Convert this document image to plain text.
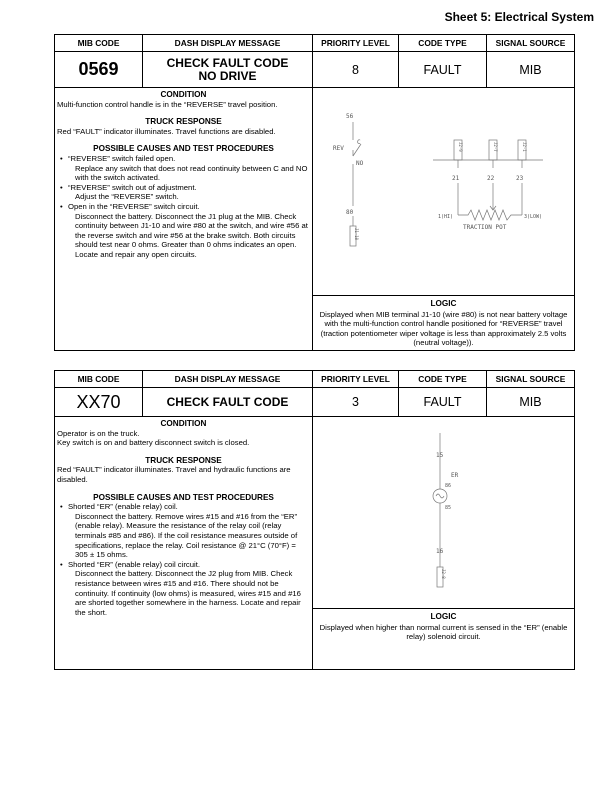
Sheet 5: Electrical System
MIB CODE	DASH DISPLAY MESSAGE	PRIORITY LEVEL	CODE TYPE	SIGNAL SOURCE
0569	CHECK FAULT CODE
NO DRIVE	8	FAULT	MIB
CONDITION
Multi-function control handle is in the “REVERSE” travel position.
TRUCK RESPONSE
Red “FAULT” indicator illuminates. Travel functions are disabled.
POSSIBLE CAUSES AND TEST PROCEDURES
• “REVERSE” switch failed open.
Replace any switch that does not read continuity between C and NO with the switch activated.
• “REVERSE” switch out of adjustment.
Adjust the “REVERSE” switch.
• Open in the “REVERSE” switch circuit.
Disconnect the battery. Disconnect the J1 plug at the MIB. Check continuity between J1-10 and wire #80 at the switch, and wire #56 at the reverse switch and wire #56 at the brake switch. Both circuits should test near 0 ohms. Greater than 0 ohms indicates an open. Locate and repair any open circuits.
56
REV
C
NO
80
21	22	23
1(HI)	3(LOW)
TRACTION POT
J1-10
J2-9	J2-7	J2-1
LOGIC
Displayed when MIB terminal J1-10 (wire #80) is not near battery voltage with the multi-function control handle positioned for “REVERSE” travel (traction potentiometer wiper voltage is less than approximately 2.5 volts (neutral voltage)).
MIB CODE	DASH DISPLAY MESSAGE	PRIORITY LEVEL	CODE TYPE	SIGNAL SOURCE
XX70	CHECK FAULT CODE	3	FAULT	MIB
CONDITION
Operator is on the truck.
Key switch is on and battery disconnect switch is closed.
TRUCK RESPONSE
Red “FAULT” indicator illuminates. Travel and hydraulic functions are disabled.
POSSIBLE CAUSES AND TEST PROCEDURES
• Shorted “ER” (enable relay) coil.
Disconnect the battery. Remove wires #15 and #16 from the “ER” (enable relay). Measure the resistance of the relay coil (relay terminals #85 and #86). If the coil resistance measures outside of specifications, replace the relay. Coil resistance @ 21°C (70°F) = 305 ± 15 ohms.
• Shorted “ER” (enable relay) coil circuit.
Disconnect the battery. Disconnect the J2 plug from MIB. Check resistance between wires #15 and #16. There should not be continuity. If continuity (low ohms) is measured, wires #15 and #16 are shorted together somewhere in the harness. Locate and repair the short.
15
ER
86
85
16
J2-8
LOGIC
Displayed when higher than normal current is sensed in the “ER” (enable relay) solenoid circuit.
